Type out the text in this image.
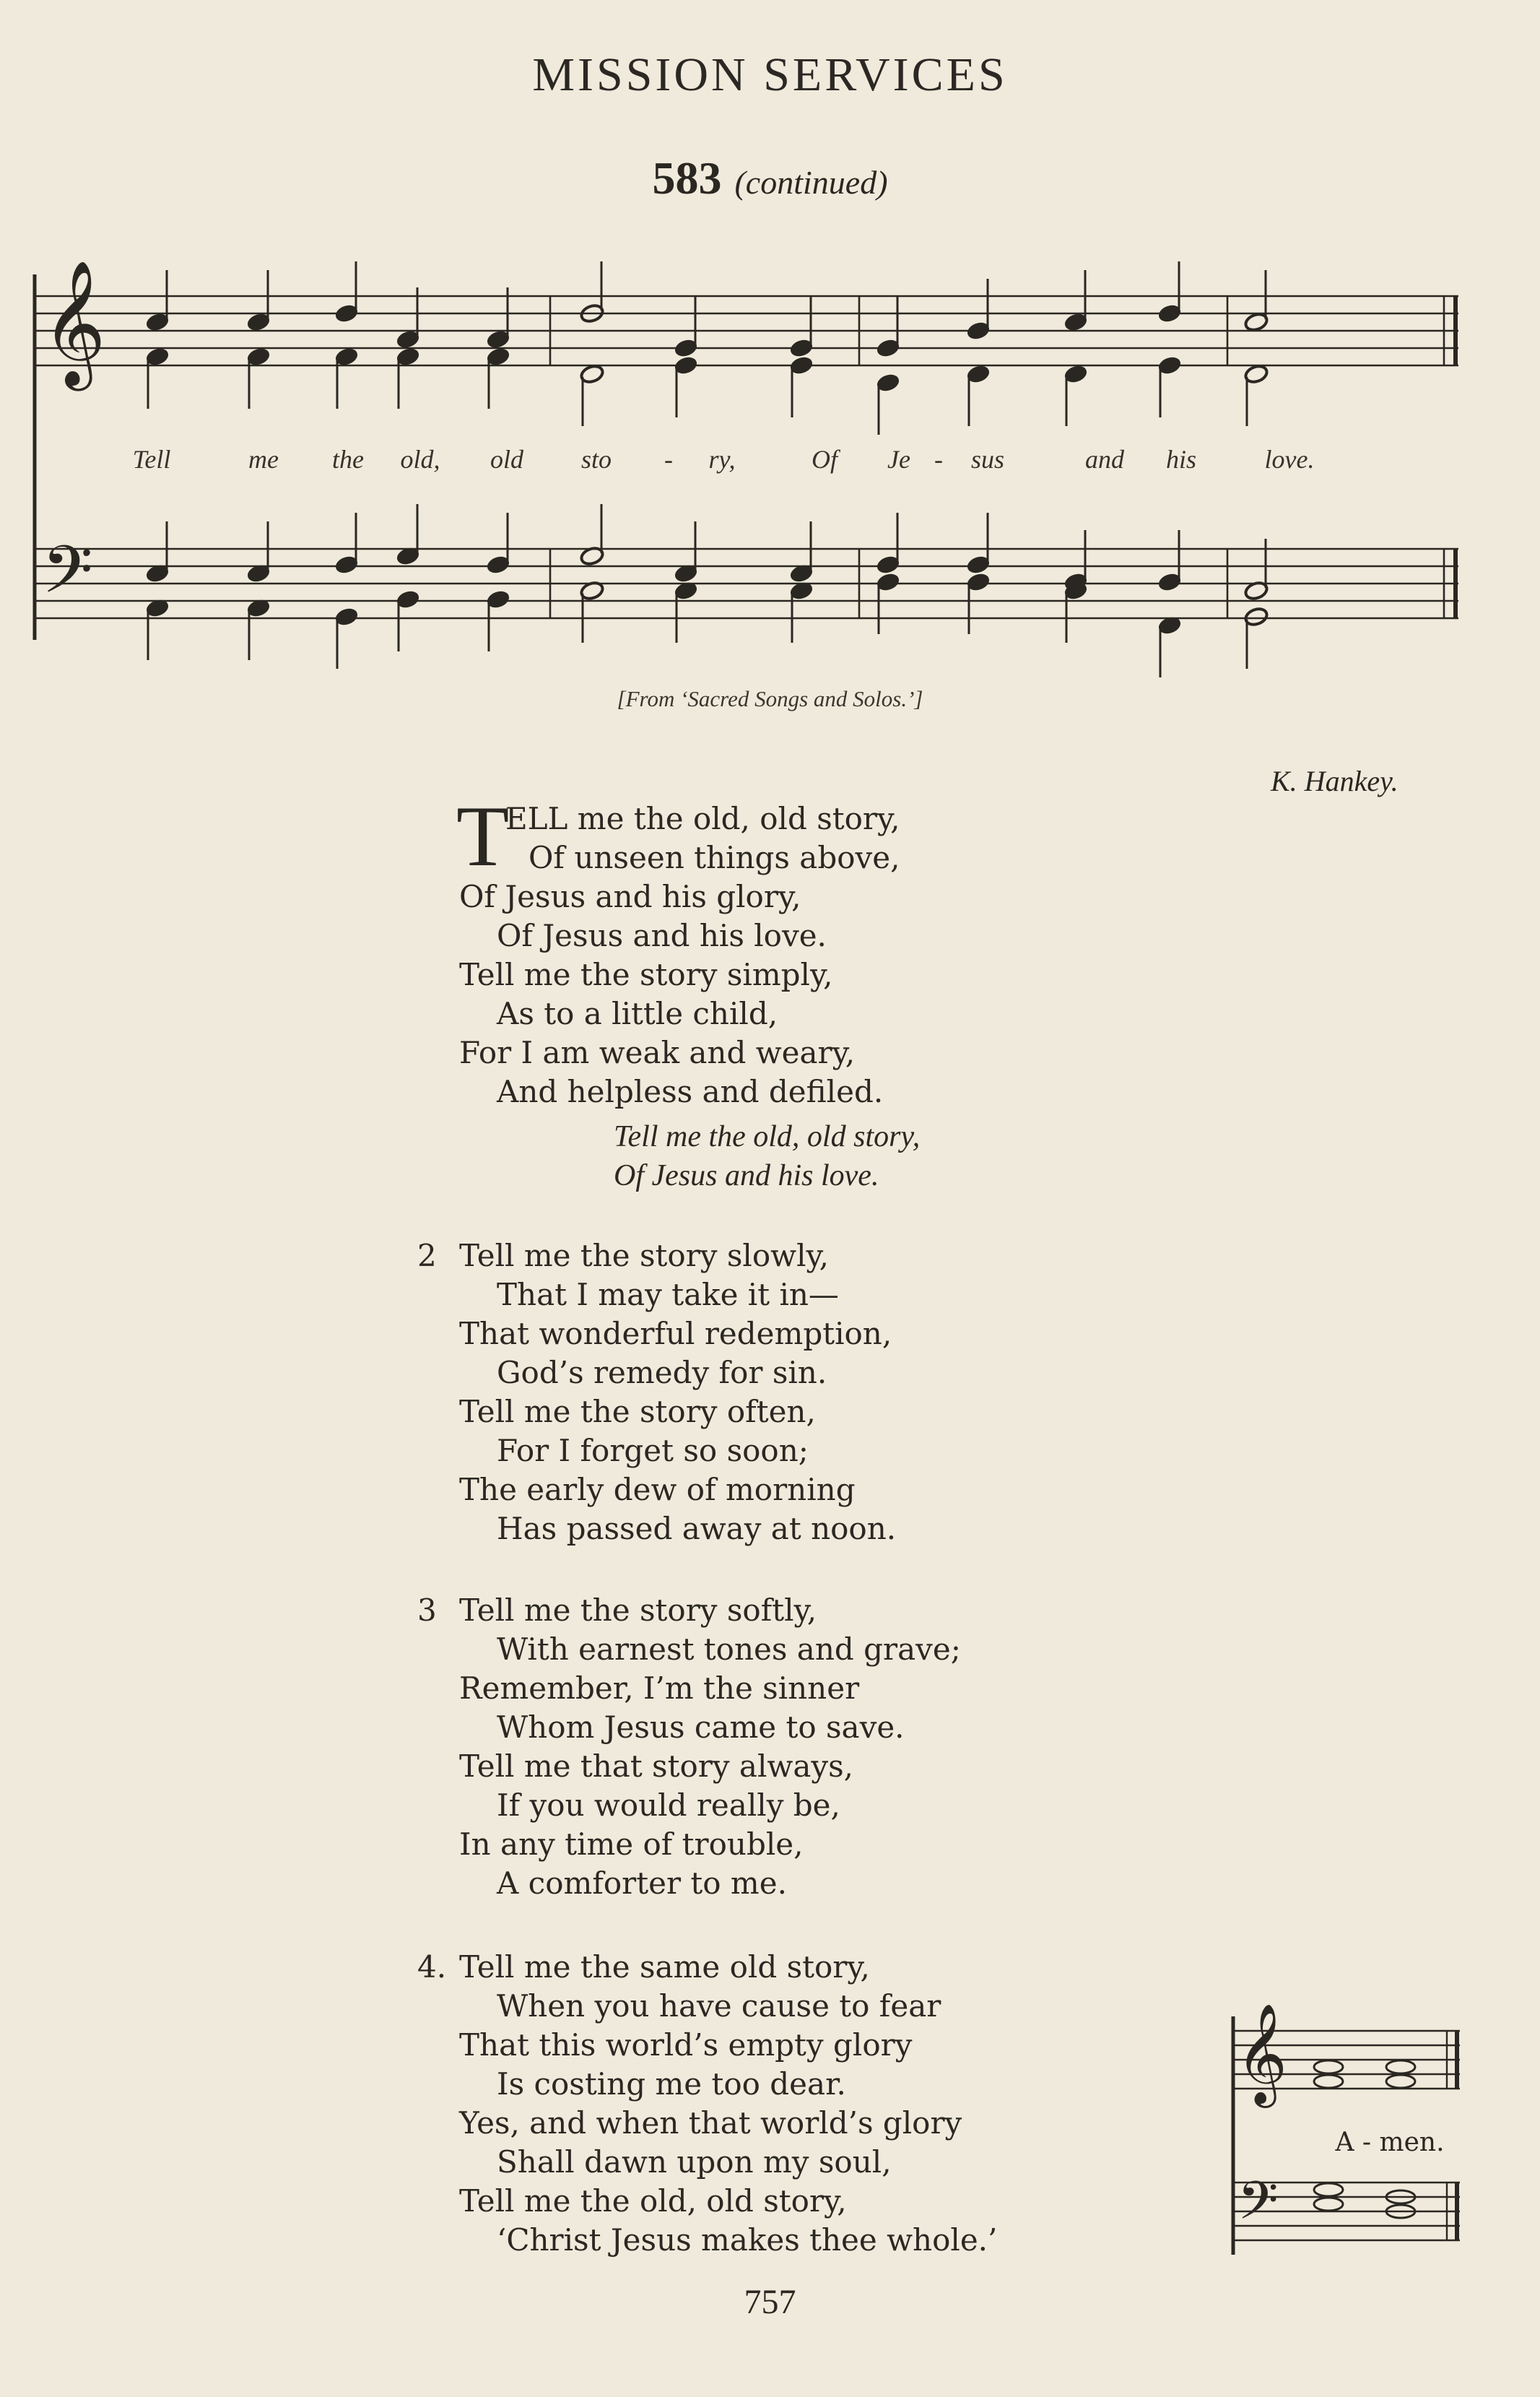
MISSION SERVICES
583 (continued)
𝄞
𝄢
Tell	me the old, old sto - ry,	Of Je - sus	and his	love.
[From ‘Sacred Songs and Solos.’]
K. Hankey.
T
ELL me the old, old story,
Of unseen things above,
Of Jesus and his glory,
Of Jesus and his love.
Tell me the story simply,
As to a little child,
For I am weak and weary,
And helpless and defiled.
Tell me the old, old story,
Of Jesus and his love.
2 Tell me the story slowly,
That I may take it in—
That wonderful redemption,
God’s remedy for sin.
Tell me the story often,
For I forget so soon;
The early dew of morning
Has passed away at noon.
3 Tell me the story softly,
With earnest tones and grave;
Remember, I’m the sinner
Whom Jesus came to save.
Tell me that story always,
If you would really be,
In any time of trouble,
A comforter to me.
4. Tell me the same old story,
When you have cause to fear
That this world’s empty glory
Is costing me too dear.
Yes, and when that world’s glory
Shall dawn upon my soul,
Tell me the old, old story,
‘Christ Jesus makes thee whole.’
𝄞
𝄢
A - men.
757
